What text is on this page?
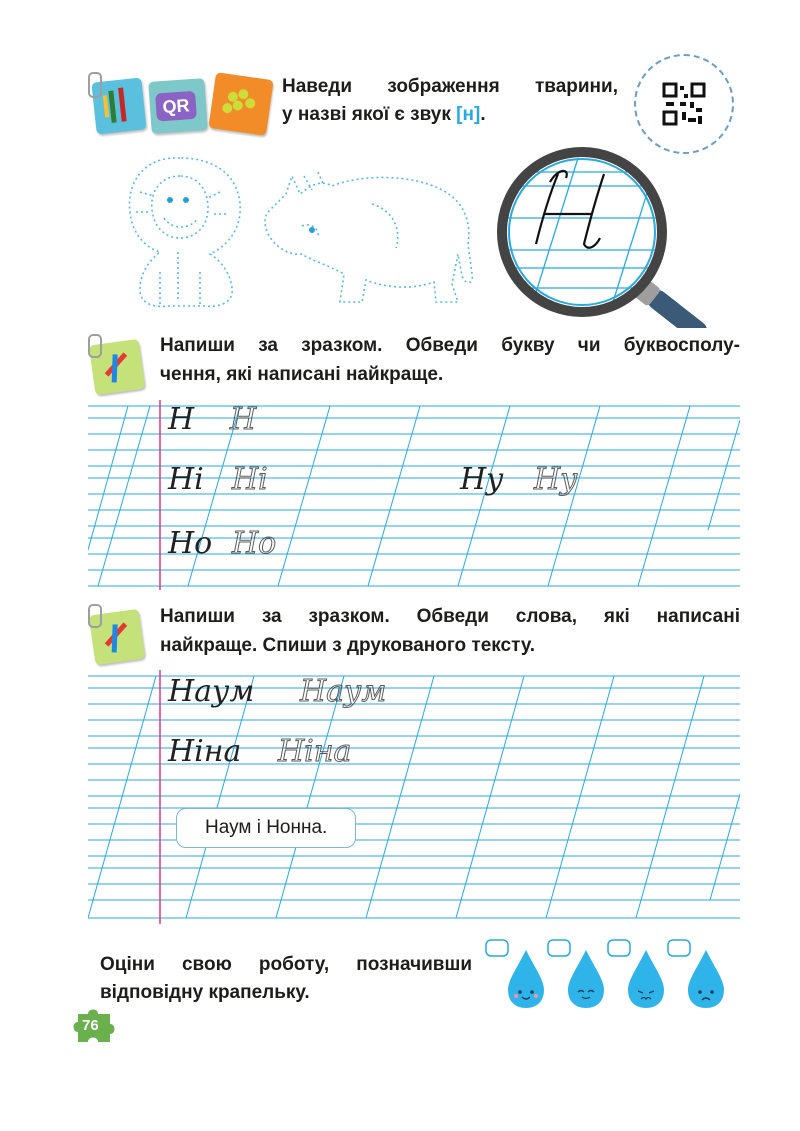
QR
Наведи зображення тварини,
у назві якої є звук [н].
Напиши за зразком. Обведи букву чи буквосполу-
чення, які написані найкраще.
Н Н
Ні Ні	Ну Ну
Но Но
Напиши за зразком. Обведи слова, які написані
найкраще. Спиши з друкованого тексту.
Наум Наум
Ніна Ніна
Наум і Нонна.
Оціни свою роботу, позначивши
відповідну крапельку.
76
